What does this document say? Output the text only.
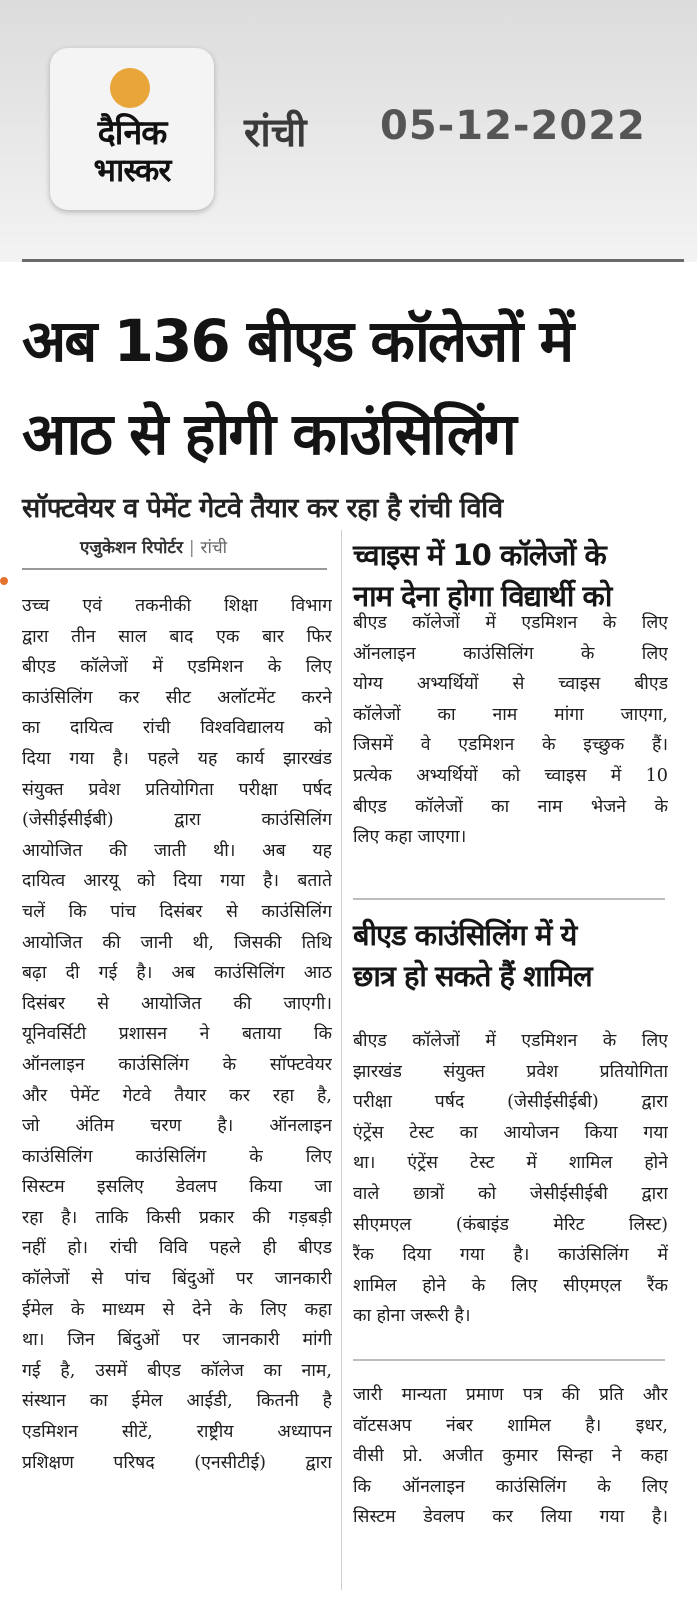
दैनिक
भास्कर
रांची 05-12-2022
अब 136 बीएड कॉलेजों में
आठ से होगी काउंसिलिंग
सॉफ्टवेयर व पेमेंट गेटवे तैयार कर रहा है रांची विवि
एजुकेशन रिपोर्टर | रांची
उच्च एवं तकनीकी शिक्षा विभाग
द्वारा तीन साल बाद एक बार फिर
बीएड कॉलेजों में एडमिशन के लिए
काउंसिलिंग कर सीट अलॉटमेंट करने
का दायित्व रांची विश्वविद्यालय को
दिया गया है। पहले यह कार्य झारखंड
संयुक्त प्रवेश प्रतियोगिता परीक्षा पर्षद
(जेसीईसीईबी) द्वारा काउंसिलिंग
आयोजित की जाती थी। अब यह
दायित्व आरयू को दिया गया है। बताते
चलें कि पांच दिसंबर से काउंसिलिंग
आयोजित की जानी थी, जिसकी तिथि
बढ़ा दी गई है। अब काउंसिलिंग आठ
दिसंबर से आयोजित की जाएगी।
यूनिवर्सिटी प्रशासन ने बताया कि
ऑनलाइन काउंसिलिंग के सॉफ्टवेयर
और पेमेंट गेटवे तैयार कर रहा है,
जो अंतिम चरण है। ऑनलाइन
काउंसिलिंग काउंसिलिंग के लिए
सिस्टम इसलिए डेवलप किया जा
रहा है। ताकि किसी प्रकार की गड़बड़ी
नहीं हो। रांची विवि पहले ही बीएड
कॉलेजों से पांच बिंदुओं पर जानकारी
ईमेल के माध्यम से देने के लिए कहा
था। जिन बिंदुओं पर जानकारी मांगी
गई है, उसमें बीएड कॉलेज का नाम,
संस्थान का ईमेल आईडी, कितनी है
एडमिशन सीटें, राष्ट्रीय अध्यापन
प्रशिक्षण परिषद (एनसीटीई) द्वारा
च्वाइस में 10 कॉलेजों के
नाम देना होगा विद्यार्थी को
बीएड कॉलेजों में एडमिशन के लिए
ऑनलाइन काउंसिलिंग के लिए
योग्य अभ्यर्थियों से च्वाइस बीएड
कॉलेजों का नाम मांगा जाएगा,
जिसमें वे एडमिशन के इच्छुक हैं।
प्रत्येक अभ्यर्थियों को च्वाइस में 10
बीएड कॉलेजों का नाम भेजने के
लिए कहा जाएगा।
बीएड काउंसिलिंग में ये
छात्र हो सकते हैं शामिल
बीएड कॉलेजों में एडमिशन के लिए
झारखंड संयुक्त प्रवेश प्रतियोगिता
परीक्षा पर्षद (जेसीईसीईबी) द्वारा
एंट्रेंस टेस्ट का आयोजन किया गया
था। एंट्रेंस टेस्ट में शामिल होने
वाले छात्रों को जेसीईसीईबी द्वारा
सीएमएल (कंबाइंड मेरिट लिस्ट)
रैंक दिया गया है। काउंसिलिंग में
शामिल होने के लिए सीएमएल रैंक
का होना जरूरी है।
जारी मान्यता प्रमाण पत्र की प्रति और
वॉटसअप नंबर शामिल है। इधर,
वीसी प्रो. अजीत कुमार सिन्हा ने कहा
कि ऑनलाइन काउंसिलिंग के लिए
सिस्टम डेवलप कर लिया गया है।
